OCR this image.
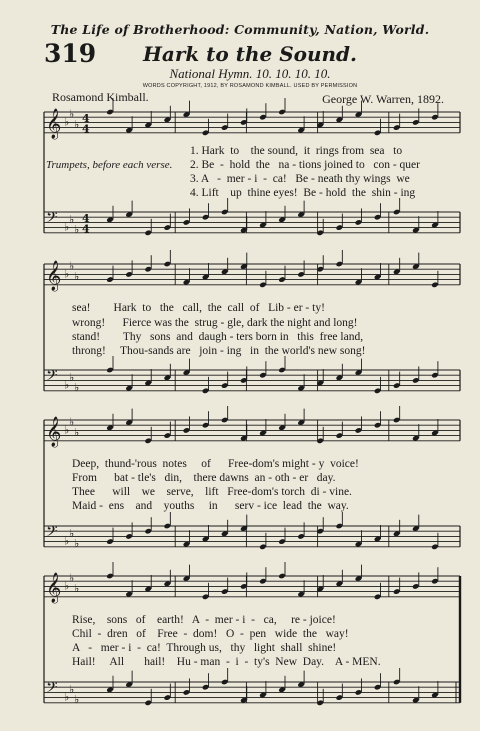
The Life of Brotherhood: Community, Nation, World.
319	Hark to the Sound.
National Hymn. 10. 10. 10. 10.
WORDS COPYRIGHT, 1912, BY ROSAMOND KIMBALL. USED BY PERMISSION
Rosamond Kimball.	George W. Warren, 1892.
Trumpets, before each verse.
1. Hark  to    the sound,  it  rings from  sea   to
2. Be  -  hold  the   na - tions joined to   con - quer
3. A   -  mer - i  -  ca!   Be - neath thy wings  we
4. Lift    up  thine eyes!  Be - hold  the  shin - ing
sea!        Hark  to   the   call,  the  call  of   Lib - er - ty!
wrong!      Fierce was the  strug - gle, dark the night and long!
stand!        Thy   sons  and  daugh - ters born in   this  free land,
throng!     Thou-sands are   join - ing   in  the world's new song!
Deep,  thund-'rous  notes     of      Free-dom's might - y  voice!
From      bat - tle's   din,    there dawns  an - oth - er   day.
Thee      will    we    serve,    lift   Free-dom's torch  di - vine.
Maid -  ens    and    youths     in      serv - ice  lead  the  way.
Rise,    sons   of    earth!   A  -  mer - i  -   ca,     re - joice!
Chil  -  dren   of    Free  -  dom!   O  -  pen   wide  the   way!
A   -   mer - i  -  ca!  Through us,   thy   light  shall  shine!
Hail!     All       hail!    Hu - man  -  i  -  ty's  New  Day.    A - MEN.
𝄞 ♭
♭
♭ 4
4
𝄢 ♭
♭
♭
4
4
𝄞 ♭
♭
♭
𝄢 ♭
♭
♭
𝄞 ♭
♭
♭
𝄢 ♭
♭
♭
𝄞 ♭
♭
♭
𝄢 ♭
♭
♭
